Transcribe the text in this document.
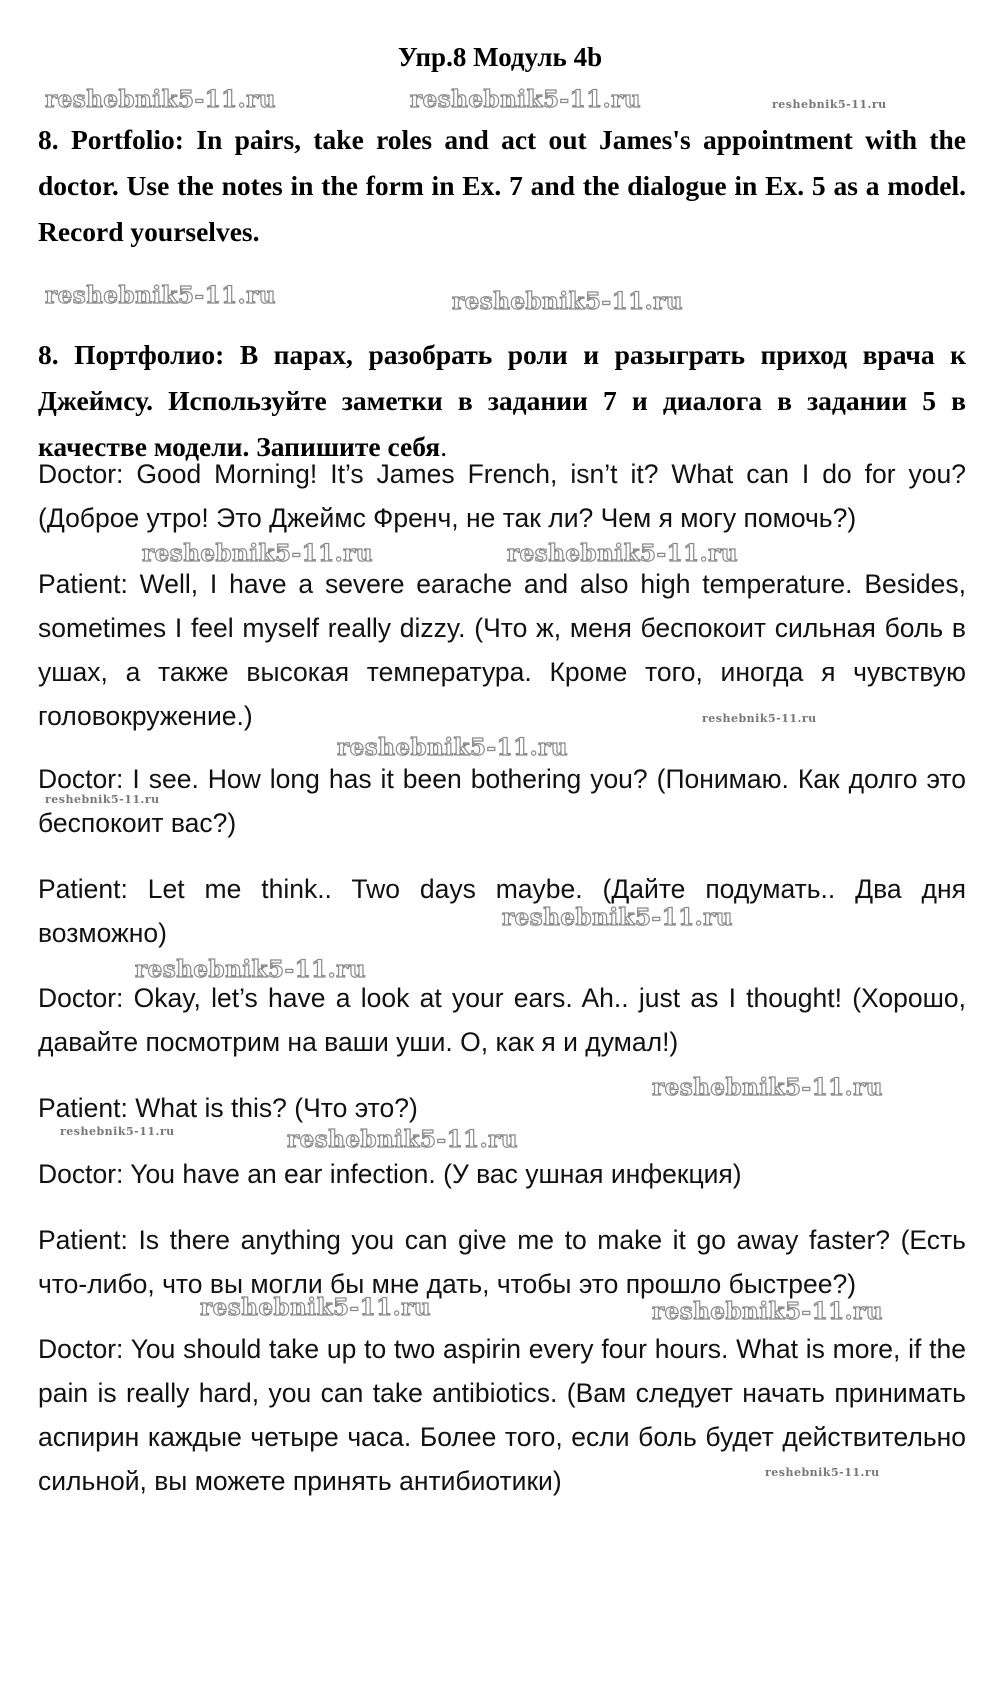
Упр.8 Модуль 4b
reshebnik5-11.ru	reshebnik5-11.ru	reshebnik5-11.ru
8. Portfolio: In pairs, take roles and act out James's appointment with the doctor. Use the notes in the form in Ex. 7 and the dialogue in Ex. 5 as a model. Record yourselves.
reshebnik5-11.ru	reshebnik5-11.ru
8. Портфолио: В парах, разобрать роли и разыграть приход врача к Джеймсу. Используйте заметки в задании 7 и диалога в задании 5 в качестве модели. Запишите себя.
Doctor: Good Morning! It’s James French, isn’t it? What can I do for you? (Доброе утро! Это Джеймс Френч, не так ли? Чем я могу помочь?)
reshebnik5-11.ru	reshebnik5-11.ru
Patient: Well, I have a severe earache and also high temperature. Besides, sometimes I feel myself really dizzy. (Что ж, меня беспокоит сильная боль в ушах, а также высокая температура. Кроме того, иногда я чувствую головокружение.)	reshebnik5-11.ru
reshebnik5-11.ru
Doctor: I see. How long has it been bothering you? (Понимаю. Как долго это беспокоит вас?)
reshebnik5-11.ru
Patient: Let me think.. Two days maybe. (Дайте подумать.. Два дня возможно)
reshebnik5-11.ru
reshebnik5-11.ru
Doctor: Okay, let’s have a look at your ears. Ah.. just as I thought! (Хорошо, давайте посмотрим на ваши уши. О, как я и думал!)
reshebnik5-11.ru
Patient: What is this? (Что это?)
reshebnik5-11.ru	reshebnik5-11.ru
Doctor: You have an ear infection. (У вас ушная инфекция)
Patient: Is there anything you can give me to make it go away faster? (Есть что-либо, что вы могли бы мне дать, чтобы это прошло быстрее?)
reshebnik5-11.ru	reshebnik5-11.ru
Doctor: You should take up to two aspirin every four hours. What is more, if the pain is really hard, you can take antibiotics. (Вам следует начать принимать аспирин каждые четыре часа. Более того, если боль будет действительно сильной, вы можете принять антибиотики)	reshebnik5-11.ru
